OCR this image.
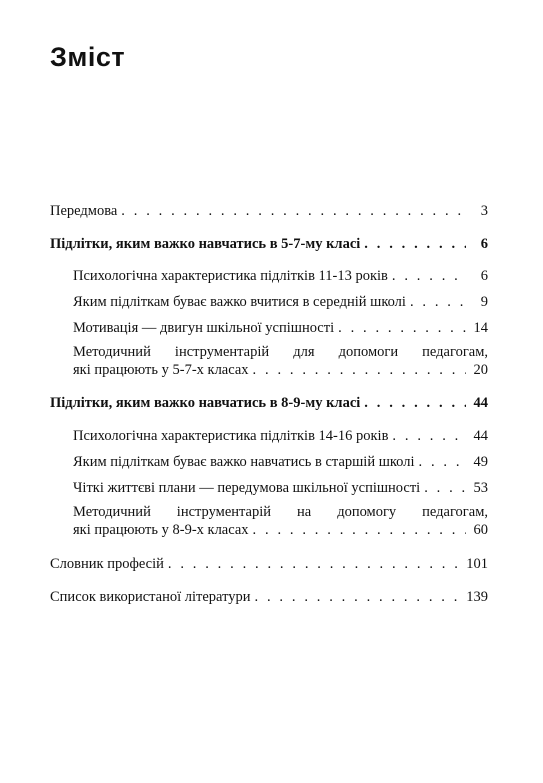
Зміст
Передмова . . .	3
Підлітки, яким важко навчатись в 5-7-му класі . . .	6
Психологічна характеристика підлітків 11-13 років . . .	6
Яким підліткам буває важко вчитися в середній школі . . .	9
Мотивація — двигун шкільної успішності . . .	14
Методичний інструментарій для допомоги педагогам,
які працюють у 5-7-х класах . . .	20
Підлітки, яким важко навчатись в 8-9-му класі . . .	44
Психологічна характеристика підлітків 14-16 років . . .	44
Яким підліткам буває важко навчатись в старшій школі . . .	49
Чіткі життєві плани — передумова шкільної успішності . . .	53
Методичний інструментарій на допомогу педагогам,
які працюють у 8-9-х класах . . .	60
Словник професій . . .	101
Список використаної літератури . . .	139
